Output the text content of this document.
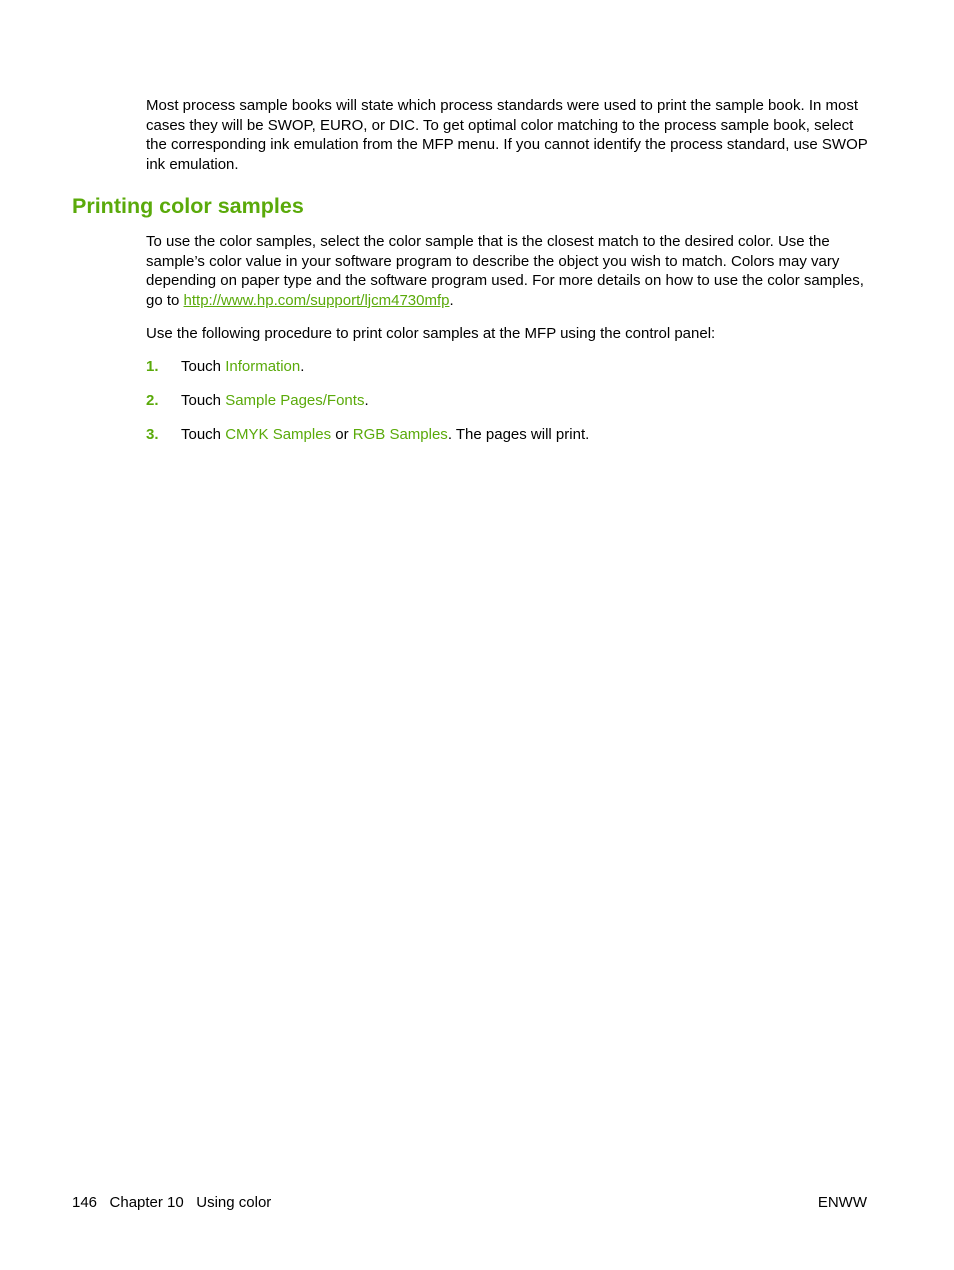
Most process sample books will state which process standards were used to print the sample book. In most cases they will be SWOP, EURO, or DIC. To get optimal color matching to the process sample book, select the corresponding ink emulation from the MFP menu. If you cannot identify the process standard, use SWOP ink emulation.

Printing color samples

To use the color samples, select the color sample that is the closest match to the desired color. Use the sample’s color value in your software program to describe the object you wish to match. Colors may vary depending on paper type and the software program used. For more details on how to use the color samples, go to http://www.hp.com/support/ljcm4730mfp.

Use the following procedure to print color samples at the MFP using the control panel:

1. Touch Information.
2. Touch Sample Pages/Fonts.
3. Touch CMYK Samples or RGB Samples. The pages will print.
146   Chapter 10   Using color	ENWW
